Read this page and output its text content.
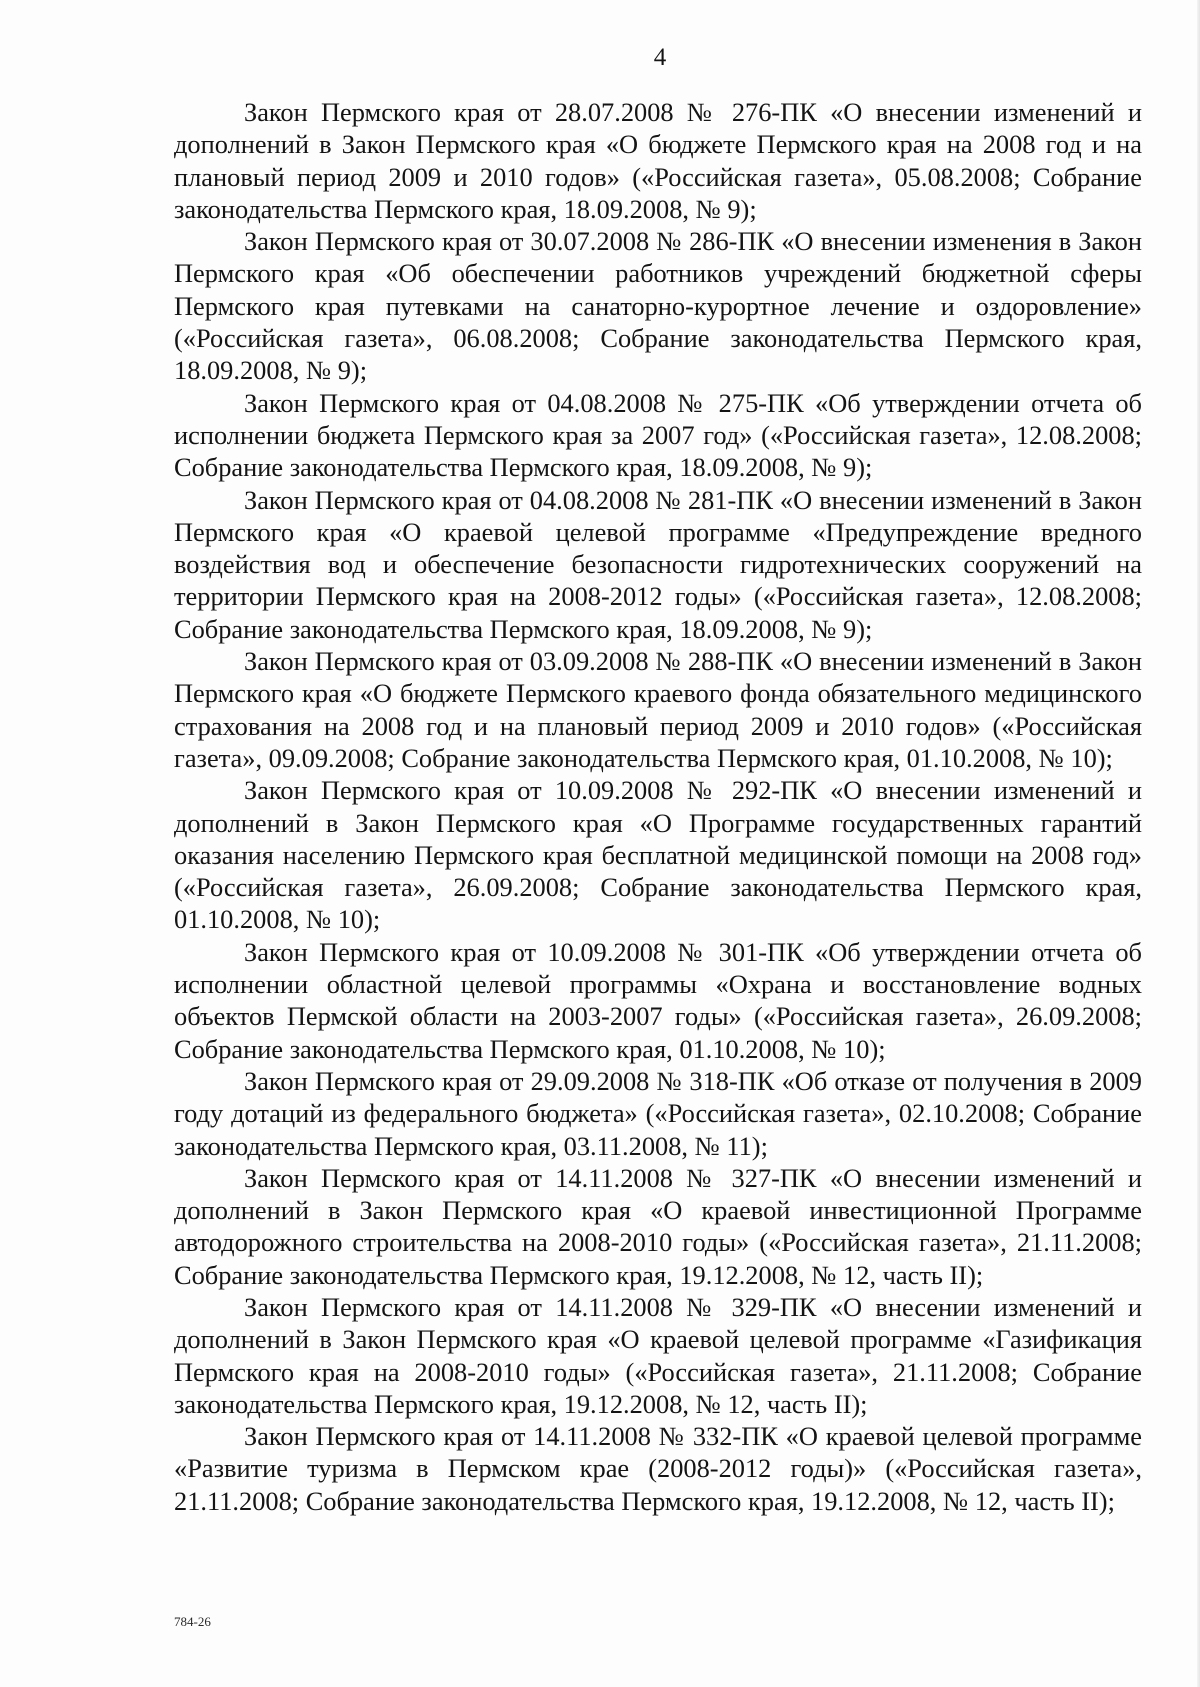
4

Закон Пермского края от 28.07.2008 № 276-ПК «О внесении изменений и дополнений в Закон Пермского края «О бюджете Пермского края на 2008 год и на плановый период 2009 и 2010 годов» («Российская газета», 05.08.2008; Собрание законодательства Пермского края, 18.09.2008, № 9);

Закон Пермского края от 30.07.2008 № 286-ПК «О внесении изменения в Закон Пермского края «Об обеспечении работников учреждений бюджетной сферы Пермского края путевками на санаторно-курортное лечение и оздоровление» («Российская газета», 06.08.2008; Собрание законодательства Пермского края, 18.09.2008, № 9);

Закон Пермского края от 04.08.2008 № 275-ПК «Об утверждении отчета об исполнении бюджета Пермского края за 2007 год» («Российская газета», 12.08.2008; Собрание законодательства Пермского края, 18.09.2008, № 9);

Закон Пермского края от 04.08.2008 № 281-ПК «О внесении изменений в Закон Пермского края «О краевой целевой программе «Предупреждение вредного воздействия вод и обеспечение безопасности гидротехнических сооружений на территории Пермского края на 2008-2012 годы» («Российская газета», 12.08.2008; Собрание законодательства Пермского края, 18.09.2008, № 9);

Закон Пермского края от 03.09.2008 № 288-ПК «О внесении изменений в Закон Пермского края «О бюджете Пермского краевого фонда обязательного медицинского страхования на 2008 год и на плановый период 2009 и 2010 годов» («Российская газета», 09.09.2008; Собрание законодательства Пермского края, 01.10.2008, № 10);

Закон Пермского края от 10.09.2008 № 292-ПК «О внесении изменений и дополнений в Закон Пермского края «О Программе государственных гарантий оказания населению Пермского края бесплатной медицинской помощи на 2008 год» («Российская газета», 26.09.2008; Собрание законодательства Пермского края, 01.10.2008, № 10);

Закон Пермского края от 10.09.2008 № 301-ПК «Об утверждении отчета об исполнении областной целевой программы «Охрана и восстановление водных объектов Пермской области на 2003-2007 годы» («Российская газета», 26.09.2008; Собрание законодательства Пермского края, 01.10.2008, № 10);

Закон Пермского края от 29.09.2008 № 318-ПК «Об отказе от получения в 2009 году дотаций из федерального бюджета» («Российская газета», 02.10.2008; Собрание законодательства Пермского края, 03.11.2008, № 11);

Закон Пермского края от 14.11.2008 № 327-ПК «О внесении изменений и дополнений в Закон Пермского края «О краевой инвестиционной Программе автодорожного строительства на 2008-2010 годы» («Российская газета», 21.11.2008; Собрание законодательства Пермского края, 19.12.2008, № 12, часть II);

Закон Пермского края от 14.11.2008 № 329-ПК «О внесении изменений и дополнений в Закон Пермского края «О краевой целевой программе «Газификация Пермского края на 2008-2010 годы» («Российская газета», 21.11.2008; Собрание законодательства Пермского края, 19.12.2008, № 12, часть II);

Закон Пермского края от 14.11.2008 № 332-ПК «О краевой целевой программе «Развитие туризма в Пермском крае (2008-2012 годы)» («Российская газета», 21.11.2008; Собрание законодательства Пермского края, 19.12.2008, № 12, часть II);

784-26
